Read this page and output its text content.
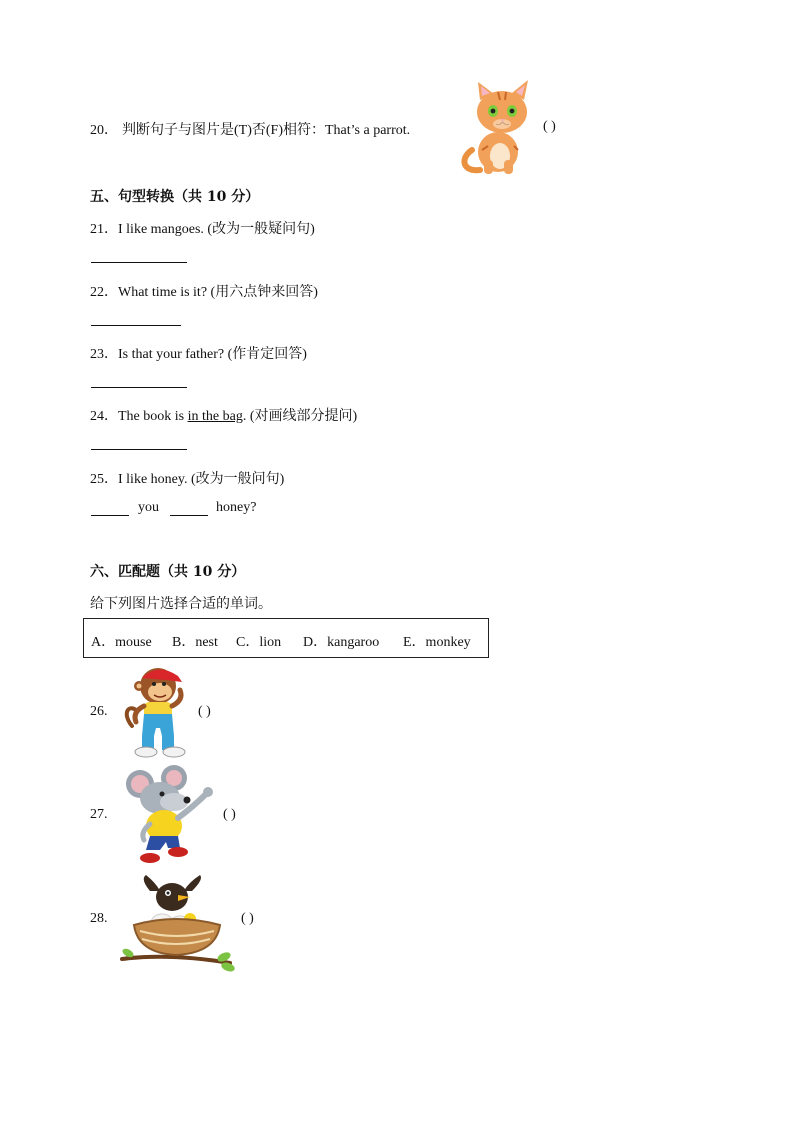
20． 判断句子与图片是(T)否(F)相符：That’s a parrot.	( )
五、句型转换（共 10 分）
21．I like mangoes. (改为一般疑问句)
22．What time is it? (用六点钟来回答)
23．Is that your father? (作肯定回答)
24．The book is in the bag. (对画线部分提问)
25．I like honey. (改为一般问句)
you	honey?
六、匹配题（共 10 分）
给下列图片选择合适的单词。
A．mouse B．nest C．lion D．kangaroo E．monkey
26.	( )
27.	( )
28.	( )
